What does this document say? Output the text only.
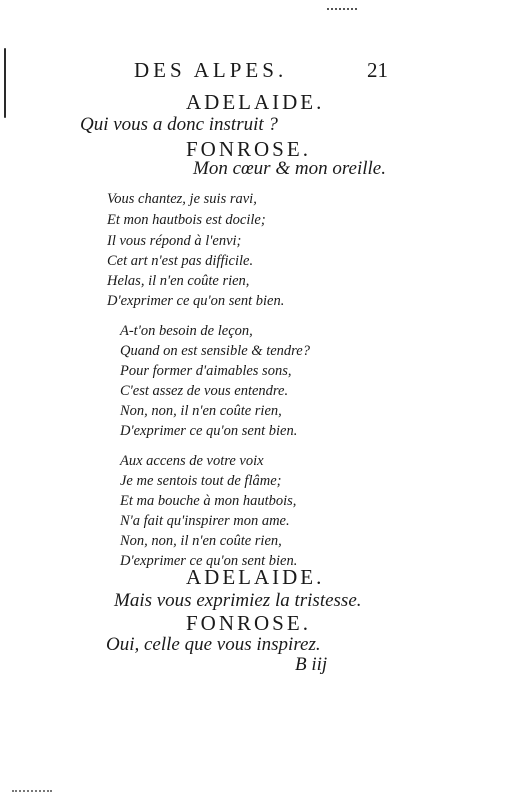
DES ALPES.	21
ADELAIDE.
Qui vous a donc instruit ?
FONROSE.
Mon cœur & mon oreille.
Vous chantez, je suis ravi,
Et mon hautbois est docile;
Il vous répond à l'envi;
Cet art n'est pas difficile.
Helas, il n'en coûte rien,
D'exprimer ce qu'on sent bien.
A-t'on besoin de leçon,
Quand on est sensible & tendre?
Pour former d'aimables sons,
C'est assez de vous entendre.
Non, non, il n'en coûte rien,
D'exprimer ce qu'on sent bien.
Aux accens de votre voix
Je me sentois tout de flâme;
Et ma bouche à mon hautbois,
N'a fait qu'inspirer mon ame.
Non, non, il n'en coûte rien,
D'exprimer ce qu'on sent bien.
ADELAIDE.
Mais vous exprimiez la tristesse.
FONROSE.
Oui, celle que vous inspirez.
B iij
